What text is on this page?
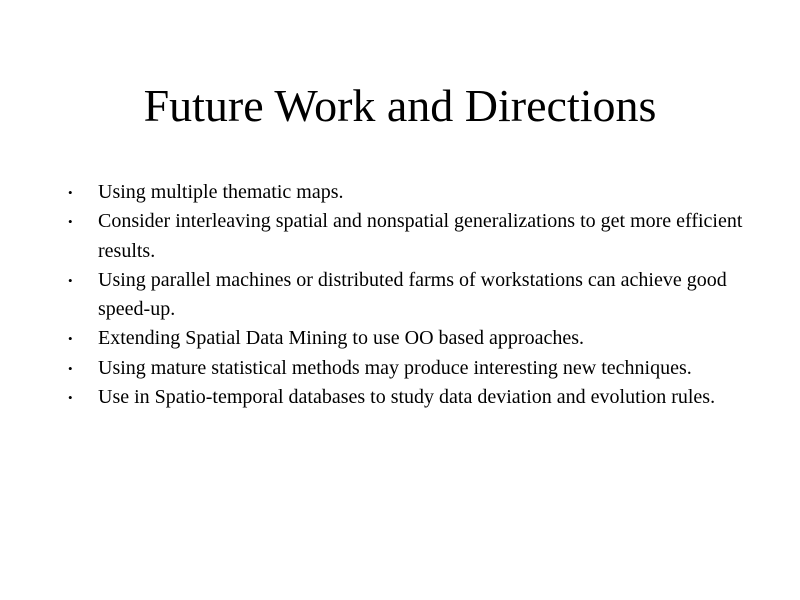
Future Work and Directions
•	Using multiple thematic maps.
•	Consider interleaving spatial and nonspatial generalizations to get more efficient results.
•	Using parallel machines or distributed farms of workstations can achieve good speed-up.
•	Extending Spatial Data Mining to use OO based approaches.
•	Using mature statistical methods may produce interesting new techniques.
•	Use in Spatio-temporal databases to study data deviation and evolution rules.
